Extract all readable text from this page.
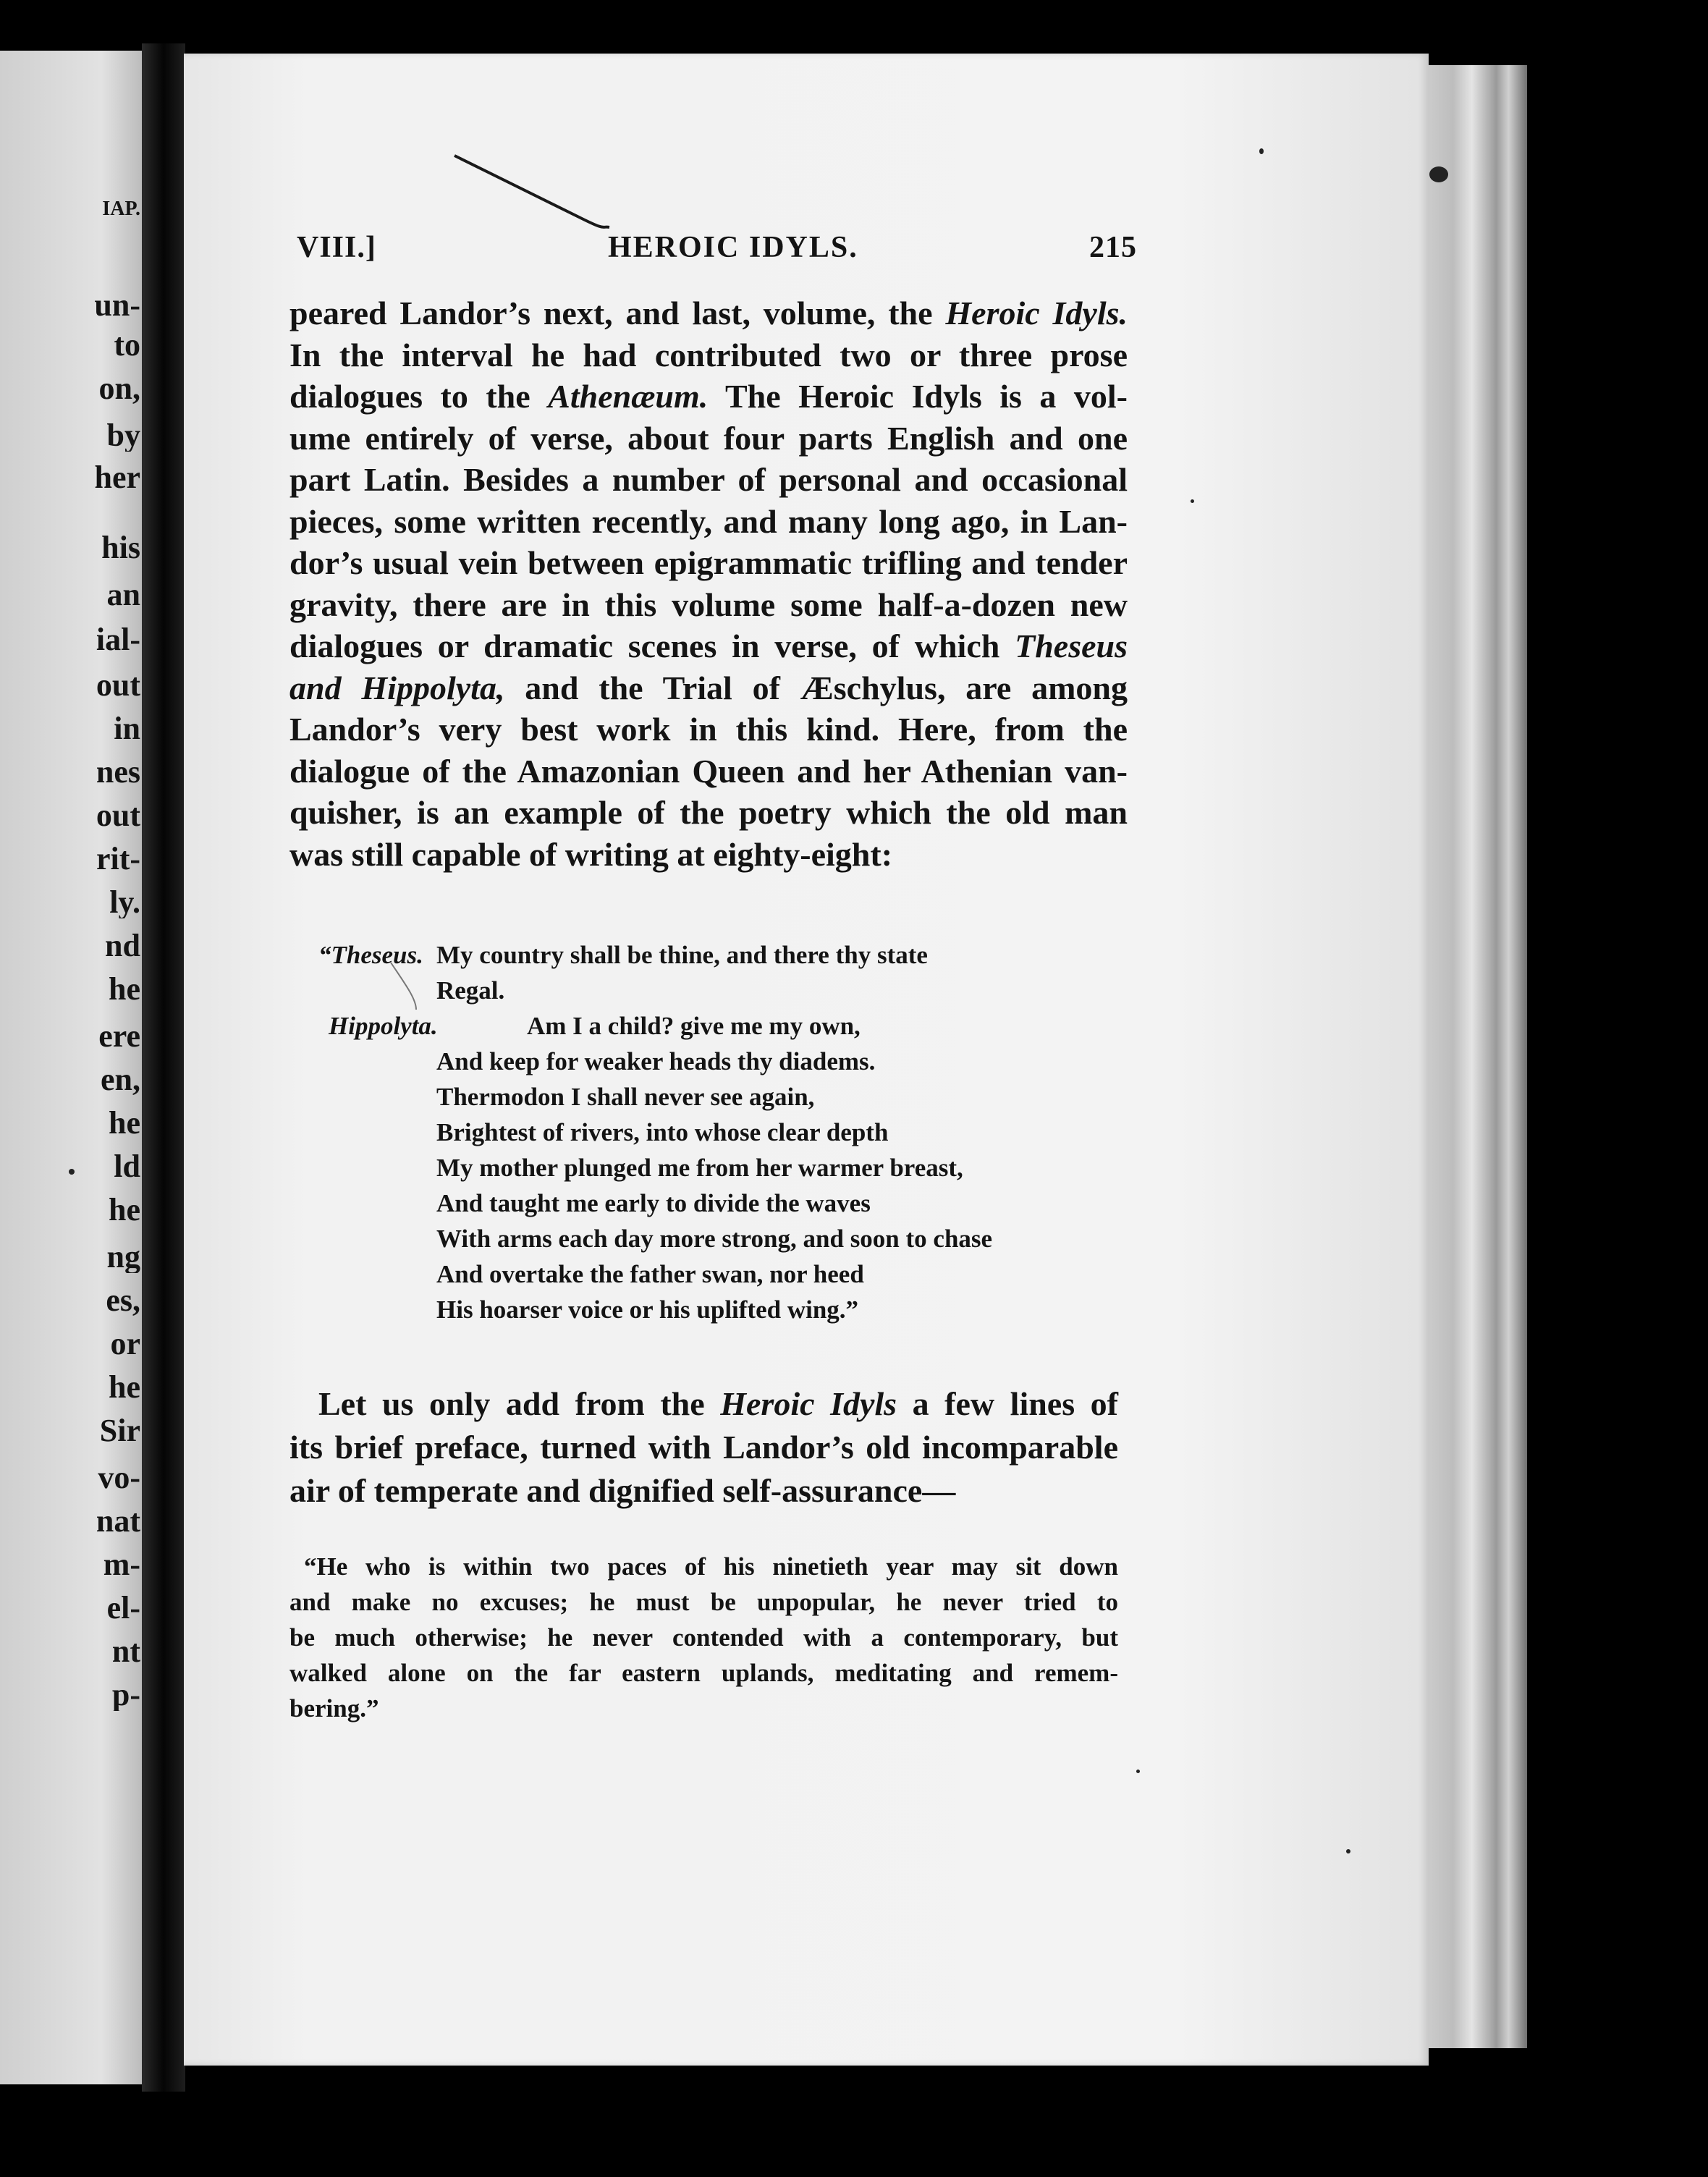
IAP.
un-
to
on,
by
her
his
an
ial-
out
in
nes
out
rit-
ly.
nd
he
ere
en,
he
ld
he
ng
es,
or
he
Sir
vo-
nat
m-
el-
nt
p-
VIII.]	HEROIC IDYLS.	215
peared Landor’s next, and last, volume, the Heroic Idyls.
In the interval he had contributed two or three prose
dialogues to the Athenæum. The Heroic Idyls is a vol-
ume entirely of verse, about four parts English and one
part Latin. Besides a number of personal and occasional
pieces, some written recently, and many long ago, in Lan-
dor’s usual vein between epigrammatic trifling and tender
gravity, there are in this volume some half-a-dozen new
dialogues or dramatic scenes in verse, of which Theseus
and Hippolyta, and the Trial of Æschylus, are among
Landor’s very best work in this kind. Here, from the
dialogue of the Amazonian Queen and her Athenian van-
quisher, is an example of the poetry which the old man
was still capable of writing at eighty-eight:
“Theseus. My country shall be thine, and there thy state
Regal.
Hippolyta.	Am I a child? give me my own,
And keep for weaker heads thy diadems.
Thermodon I shall never see again,
Brightest of rivers, into whose clear depth
My mother plunged me from her warmer breast,
And taught me early to divide the waves
With arms each day more strong, and soon to chase
And overtake the father swan, nor heed
His hoarser voice or his uplifted wing.”
Let us only add from the Heroic Idyls a few lines of
its brief preface, turned with Landor’s old incomparable
air of temperate and dignified self-assurance—
“He who is within two paces of his ninetieth year may sit down
and make no excuses; he must be unpopular, he never tried to
be much otherwise; he never contended with a contemporary, but
walked alone on the far eastern uplands, meditating and remem-
bering.”
